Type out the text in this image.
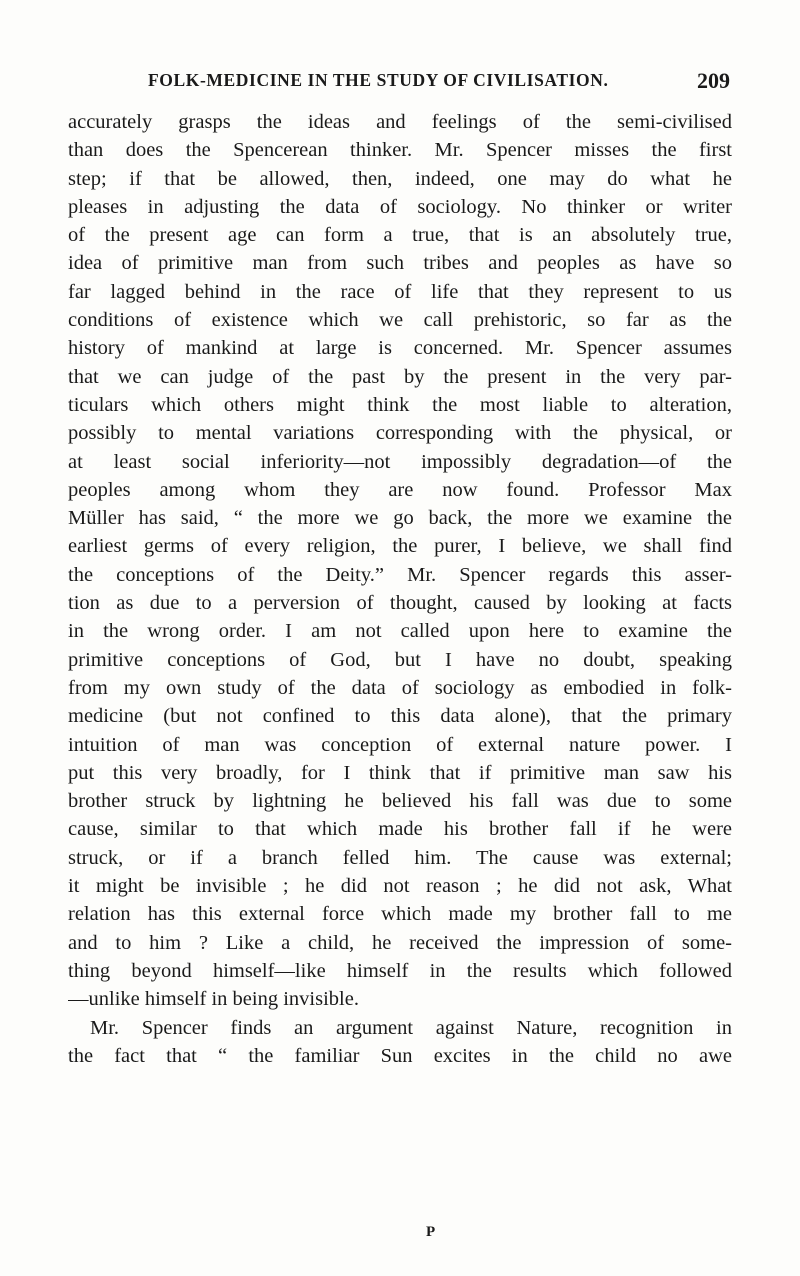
FOLK-MEDICINE IN THE STUDY OF CIVILISATION.	209
accurately grasps the ideas and feelings of the semi-civilised
than does the Spencerean thinker. Mr. Spencer misses the first
step; if that be allowed, then, indeed, one may do what he
pleases in adjusting the data of sociology. No thinker or writer
of the present age can form a true, that is an absolutely true,
idea of primitive man from such tribes and peoples as have so
far lagged behind in the race of life that they represent to us
conditions of existence which we call prehistoric, so far as the
history of mankind at large is concerned. Mr. Spencer assumes
that we can judge of the past by the present in the very par-
ticulars which others might think the most liable to alteration,
possibly to mental variations corresponding with the physical, or
at least social inferiority—not impossibly degradation—of the
peoples among whom they are now found. Professor Max
Müller has said, “ the more we go back, the more we examine the
earliest germs of every religion, the purer, I believe, we shall find
the conceptions of the Deity.” Mr. Spencer regards this asser-
tion as due to a perversion of thought, caused by looking at facts
in the wrong order. I am not called upon here to examine the
primitive conceptions of God, but I have no doubt, speaking
from my own study of the data of sociology as embodied in folk-
medicine (but not confined to this data alone), that the primary
intuition of man was conception of external nature power. I
put this very broadly, for I think that if primitive man saw his
brother struck by lightning he believed his fall was due to some
cause, similar to that which made his brother fall if he were
struck, or if a branch felled him. The cause was external;
it might be invisible ; he did not reason ; he did not ask, What
relation has this external force which made my brother fall to me
and to him ? Like a child, he received the impression of some-
thing beyond himself—like himself in the results which followed
—unlike himself in being invisible.
Mr. Spencer finds an argument against Nature, recognition in
the fact that “ the familiar Sun excites in the child no awe
P
